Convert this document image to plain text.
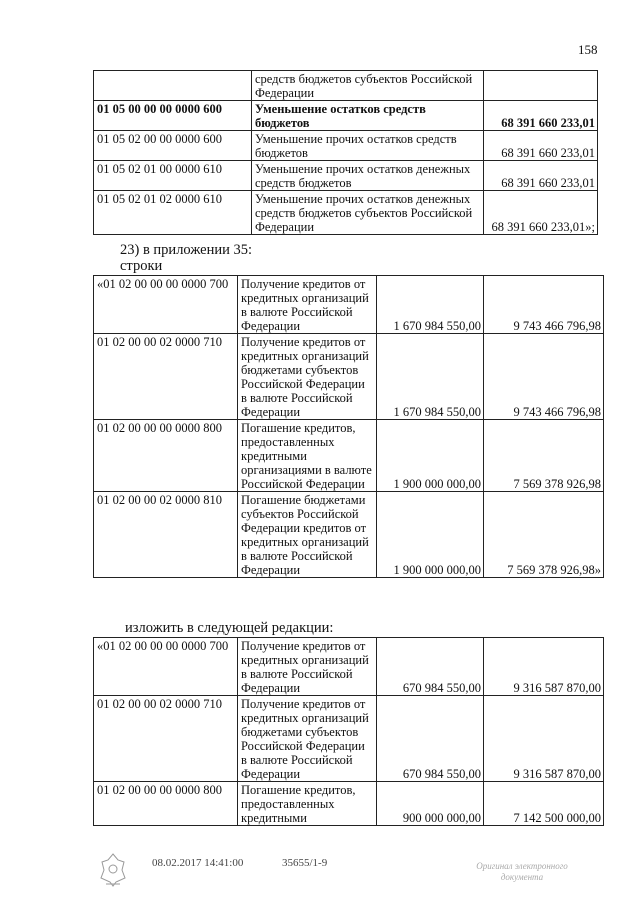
158
	средств бюджетов субъектов Российской Федерации	
01 05 00 00 00 0000 600	Уменьшение остатков средств бюджетов	68 391 660 233,01
01 05 02 00 00 0000 600	Уменьшение прочих остатков средств бюджетов	68 391 660 233,01
01 05 02 01 00 0000 610	Уменьшение прочих остатков денежных средств бюджетов	68 391 660 233,01
01 05 02 01 02 0000 610	Уменьшение прочих остатков денежных средств бюджетов субъектов Российской Федерации	68 391 660 233,01»;
23) в приложении 35:
строки
«01 02 00 00 00 0000 700	Получение кредитов от кредитных организаций в валюте Российской Федерации	1 670 984 550,00	9 743 466 796,98
01 02 00 00 02 0000 710	Получение кредитов от кредитных организаций бюджетами субъектов Российской Федерации в валюте Российской Федерации	1 670 984 550,00	9 743 466 796,98
01 02 00 00 00 0000 800	Погашение кредитов, предоставленных кредитными организациями в валюте Российской Федерации	1 900 000 000,00	7 569 378 926,98
01 02 00 00 02 0000 810	Погашение бюджетами субъектов Российской Федерации кредитов от кредитных организаций в валюте Российской Федерации	1 900 000 000,00	7 569 378 926,98»
изложить в следующей редакции:
«01 02 00 00 00 0000 700	Получение кредитов от кредитных организаций в валюте Российской Федерации	670 984 550,00	9 316 587 870,00
01 02 00 00 02 0000 710	Получение кредитов от кредитных организаций бюджетами субъектов Российской Федерации в валюте Российской Федерации	670 984 550,00	9 316 587 870,00
01 02 00 00 00 0000 800	Погашение кредитов, предоставленных кредитными	900 000 000,00	7 142 500 000,00
08.02.2017 14:41:00	35655/1-9	Оригинал электронного
документа
